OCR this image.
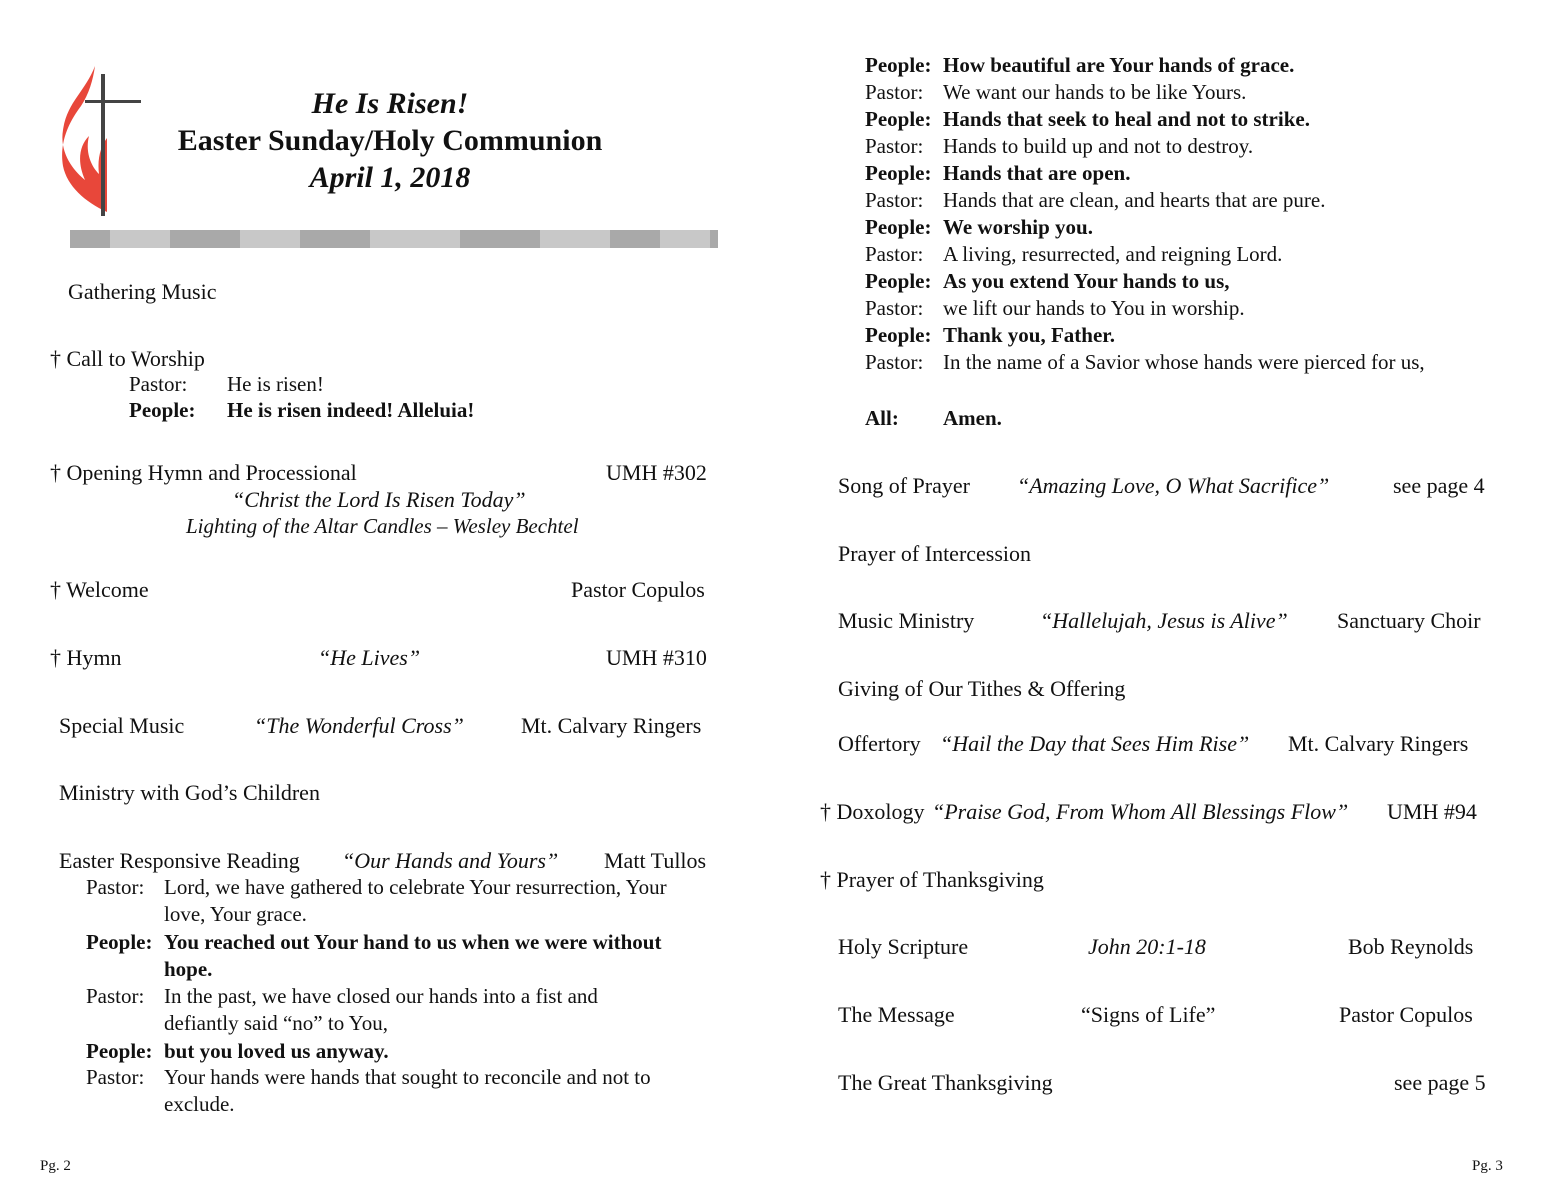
He Is Risen!
Easter Sunday/Holy Communion
April 1, 2018
Gathering Music
† Call to Worship
Pastor: He is risen!
People: He is risen indeed! Alleluia!
† Opening Hymn and Processional	UMH #302
“Christ the Lord Is Risen Today”
Lighting of the Altar Candles – Wesley Bechtel
† Welcome	Pastor Copulos
† Hymn	“He Lives”	UMH #310
Special Music	“The Wonderful Cross”	Mt. Calvary Ringers
Ministry with God’s Children
Easter Responsive Reading “Our Hands and Yours” Matt Tullos
Pastor: Lord, we have gathered to celebrate Your resurrection, Your love, Your grace.
People: You reached out Your hand to us when we were without hope.
Pastor: In the past, we have closed our hands into a fist and defiantly said “no” to You,
People: but you loved us anyway.
Pastor: Your hands were hands that sought to reconcile and not to exclude.
Pg. 2
People: How beautiful are Your hands of grace.
Pastor: We want our hands to be like Yours.
People: Hands that seek to heal and not to strike.
Pastor: Hands to build up and not to destroy.
People: Hands that are open.
Pastor: Hands that are clean, and hearts that are pure.
People: We worship you.
Pastor: A living, resurrected, and reigning Lord.
People: As you extend Your hands to us,
Pastor: we lift our hands to You in worship.
People: Thank you, Father.
Pastor: In the name of a Savior whose hands were pierced for us,
All: Amen.
Song of Prayer “Amazing Love, O What Sacrifice”	see page 4
Prayer of Intercession
Music Ministry	“Hallelujah, Jesus is Alive” Sanctuary Choir
Giving of Our Tithes & Offering
Offertory “Hail the Day that Sees Him Rise” Mt. Calvary Ringers
† Doxology “Praise God, From Whom All Blessings Flow” UMH #94
† Prayer of Thanksgiving
Holy Scripture	John 20:1-18	Bob Reynolds
The Message	“Signs of Life”	Pastor Copulos
The Great Thanksgiving	see page 5
Pg. 3
